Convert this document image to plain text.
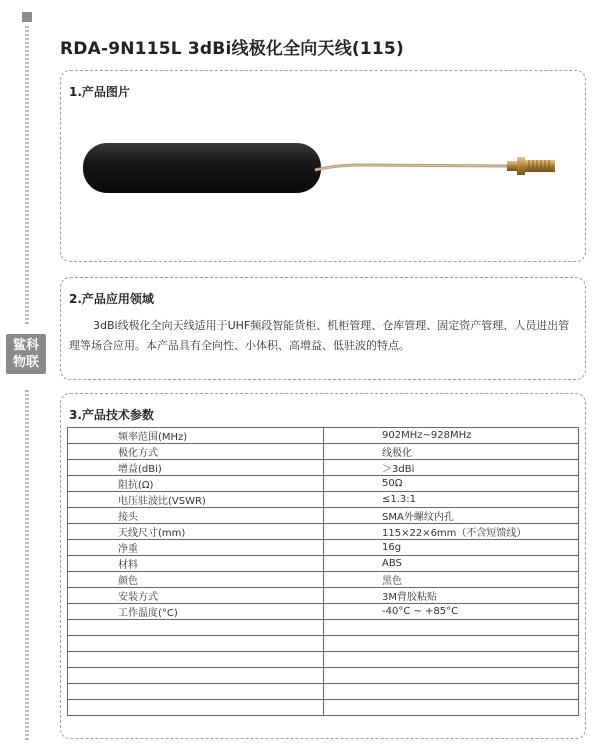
鲨科
物联
RDA-9N115L 3dBi线极化全向天线(115)
1.产品图片
2.产品应用领域
3dBi线极化全向天线适用于UHF频段智能货柜、机柜管理、仓库管理、固定资产管理、人员进出管理等场合应用。本产品具有全向性、小体积、高增益、低驻波的特点。
3.产品技术参数
频率范围(MHz)	902MHz~928MHz
极化方式	线极化
增益(dBi)	＞3dBi
阻抗(Ω)	50Ω
电压驻波比(VSWR)	≤1.3:1
接头	SMA外螺纹内孔
天线尺寸(mm)	115×22×6mm（不含短馈线）
净重	16g
材料	ABS
颜色	黑色
安装方式	3M背胶粘贴
工作温度(°C)	-40°C ~ +85°C
